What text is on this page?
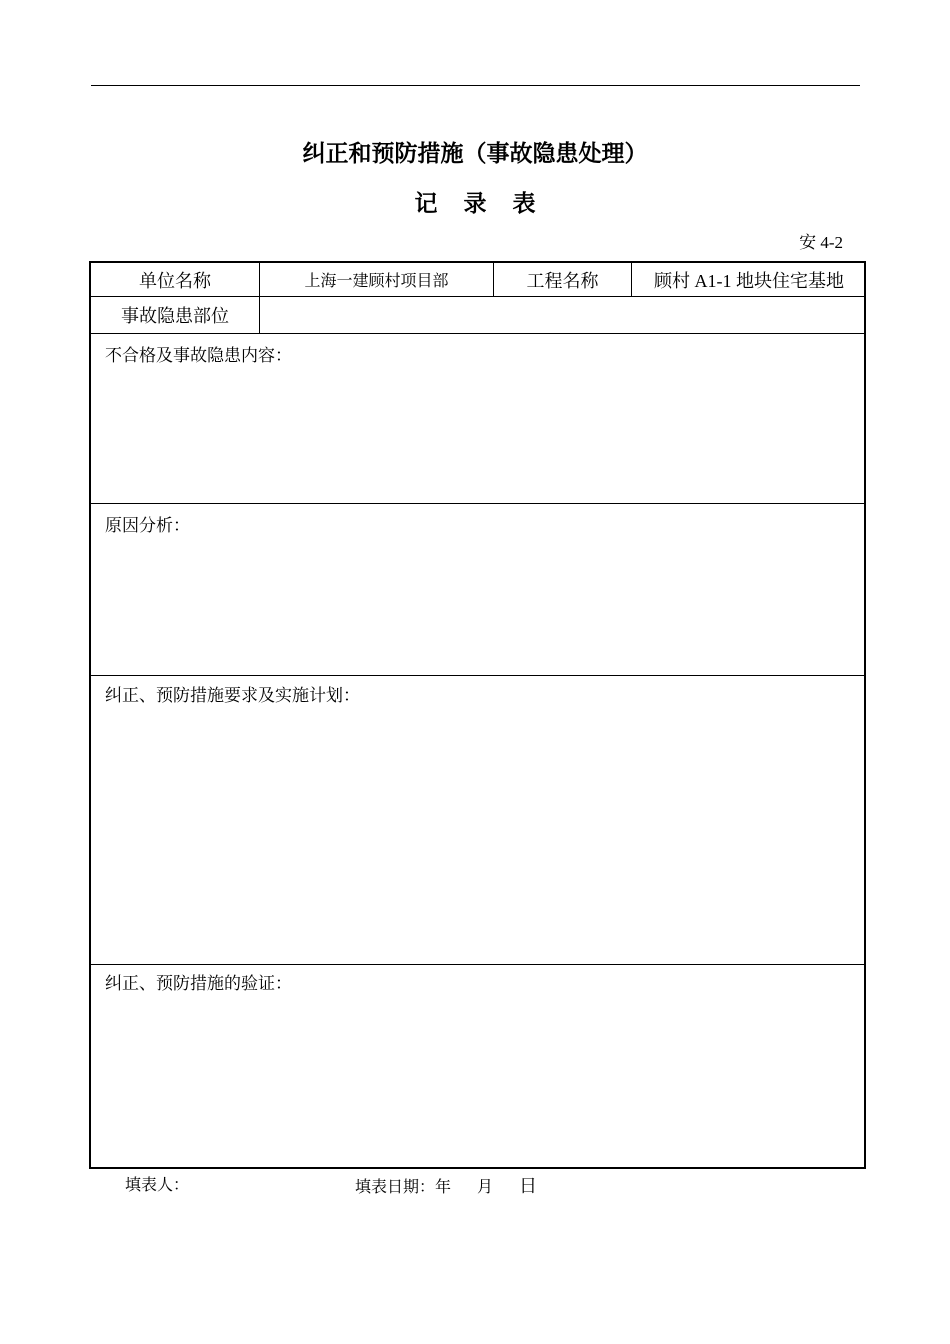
纠正和预防措施（事故隐患处理）
记录表
安 4-2
单位名称	上海一建顾村项目部	工程名称	顾村 A1-1 地块住宅基地
事故隐患部位
不合格及事故隐患内容：
原因分析：
纠正、预防措施要求及实施计划：
纠正、预防措施的验证：
填表人：	填表日期：年 月 日
